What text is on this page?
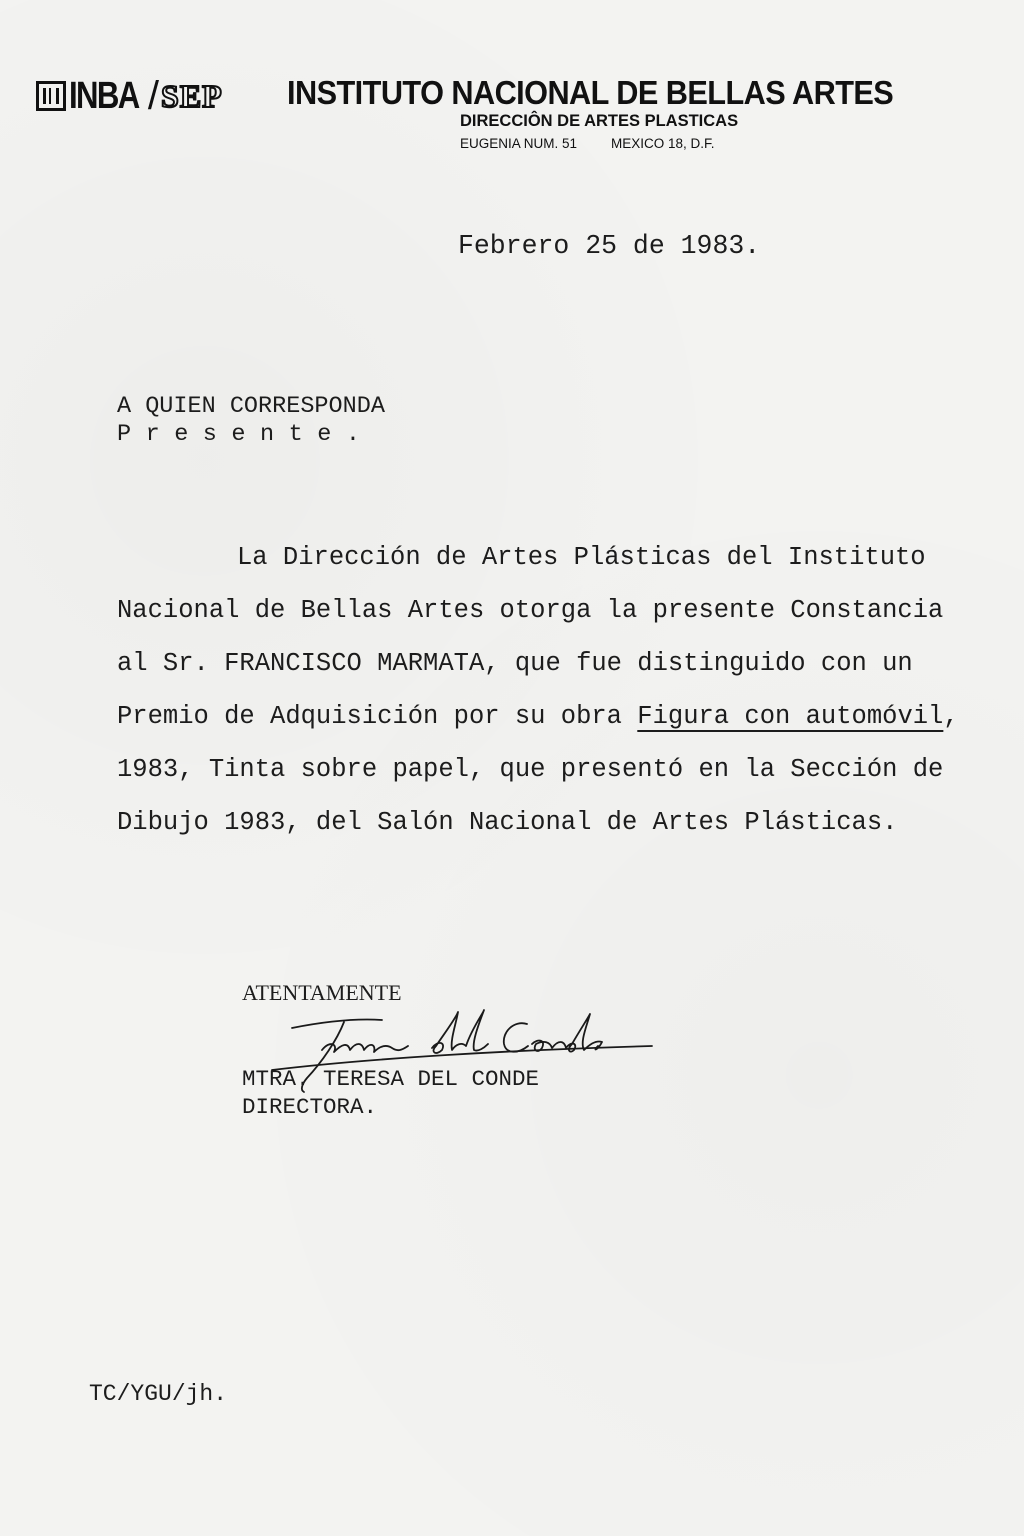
INBA / SEP INSTITUTO NACIONAL DE BELLAS ARTES
DIRECCIÔN DE ARTES PLASTICAS
EUGENIA NUM. 51	MEXICO 18, D.F.
Febrero 25 de 1983.
A QUIEN CORRESPONDA
Presente.
La Dirección de Artes Plásticas del Instituto
Nacional de Bellas Artes otorga la presente Constancia
al Sr. FRANCISCO MARMATA, que fue distinguido con un
Premio de Adquisición por su obra Figura con automóvil,
1983, Tinta sobre papel, que presentó en la Sección de
Dibujo 1983, del Salón Nacional de Artes Plásticas.
ATENTAMENTE
MTRA. TERESA DEL CONDE
DIRECTORA.
TC/YGU/jh.
